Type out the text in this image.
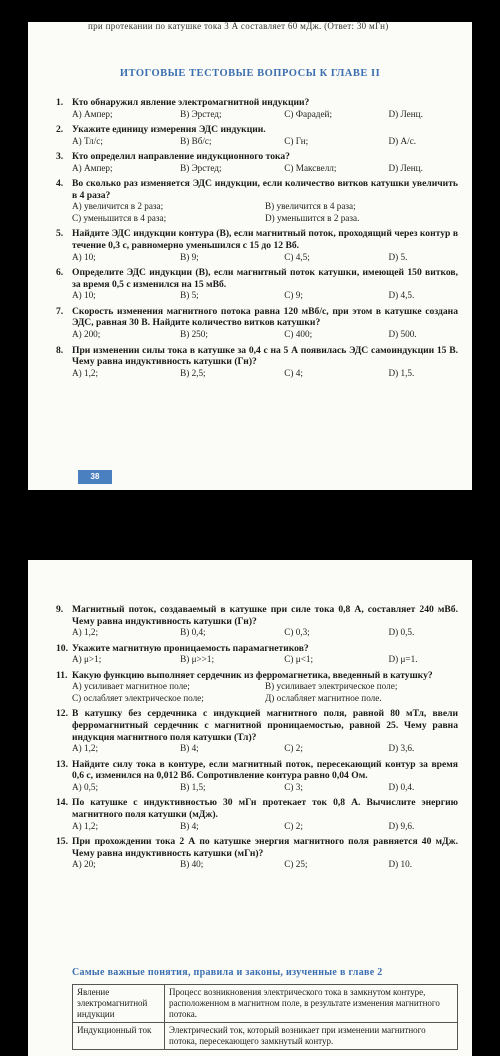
при протекании по катушке тока 3 А составляет 60 мДж. (Ответ: 30 мГн)
ИТОГОВЫЕ ТЕСТОВЫЕ ВОПРОСЫ К ГЛАВЕ II
1. Кто обнаружил явление электромагнитной индукции?
A) Ампер;	B) Эрстед;	C) Фарадей;	D) Ленц.
2. Укажите единицу измерения ЭДС индукции.
A) Тл/с;	B) Вб/с;	C) Гн;	D) А/с.
3. Кто определил направление индукционного тока?
A) Ампер;	B) Эрстед;	C) Максвелл;	D) Ленц.
4. Во сколько раз изменяется ЭДС индукции, если количество витков катушки увеличить в 4 раза?
A) увеличится в 2 раза;	B) увеличится в 4 раза;
C) уменьшится в 4 раза;	D) уменьшится в 2 раза.
5. Найдите ЭДС индукции контура (В), если магнитный поток, проходящий через контур в течение 0,3 с, равномерно уменьшился с 15 до 12 Вб.
A) 10;	B) 9;	C) 4,5;	D) 5.
6. Определите ЭДС индукции (В), если магнитный поток катушки, имеющей 150 витков, за время 0,5 с изменился на 15 мВб.
A) 10;	B) 5;	C) 9;	D) 4,5.
7. Скорость изменения магнитного потока равна 120 мВб/с, при этом в катушке создана ЭДС, равная 30 В. Найдите количество витков катушки?
A) 200;	B) 250;	C) 400;	D) 500.
8. При изменении силы тока в катушке за 0,4 с на 5 А появилась ЭДС самоиндукции 15 В. Чему равна индуктивность катушки (Гн)?
A) 1,2;	B) 2,5;	C) 4;	D) 1,5.
38
9. Магнитный поток, создаваемый в катушке при силе тока 0,8 А, составляет 240 мВб. Чему равна индуктивность катушки (Гн)?
A) 1,2;	B) 0,4;	C) 0,3;	D) 0,5.
10. Укажите магнитную проницаемость парамагнетиков?
A) μ>1;	B) μ>>1;	C) μ<1;	D) μ=1.
11. Какую функцию выполняет сердечник из ферромагнетика, введенный в катушку?
A) усиливает магнитное поле;	B) усиливает электрическое поле;
C) ослабляет электрическое поле;	Д) ослабляет магнитное поле.
12. В катушку без сердечника с индукцией магнитного поля, равной 80 мТл, ввели ферромагнитный сердечник с магнитной проницаемостью, равной 25. Чему равна индукция магнитного поля катушки (Тл)?
A) 1,2;	B) 4;	C) 2;	D) 3,6.
13. Найдите силу тока в контуре, если магнитный поток, пересекающий контур за время 0,6 с, изменился на 0,012 Вб. Сопротивление контура равно 0,04 Ом.
A) 0,5;	B) 1,5;	C) 3;	D) 0,4.
14. По катушке с индуктивностью 30 мГн протекает ток 0,8 А. Вычислите энергию магнитного поля катушки (мДж).
A) 1,2;	B) 4;	C) 2;	D) 9,6.
15. При прохождении тока 2 А по катушке энергия магнитного поля равняется 40 мДж. Чему равна индуктивность катушки (мГн)?
A) 20;	B) 40;	C) 25;	D) 10.
Самые важные понятия, правила и законы, изученные в главе 2
Явление электромагнитной индукции	Процесс возникновения электрического тока в замкнутом контуре, расположенном в магнитном поле, в результате изменения магнитного потока.
Индукционный ток	Электрический ток, который возникает при изменении магнитного потока, пересекающего замкнутый контур.
